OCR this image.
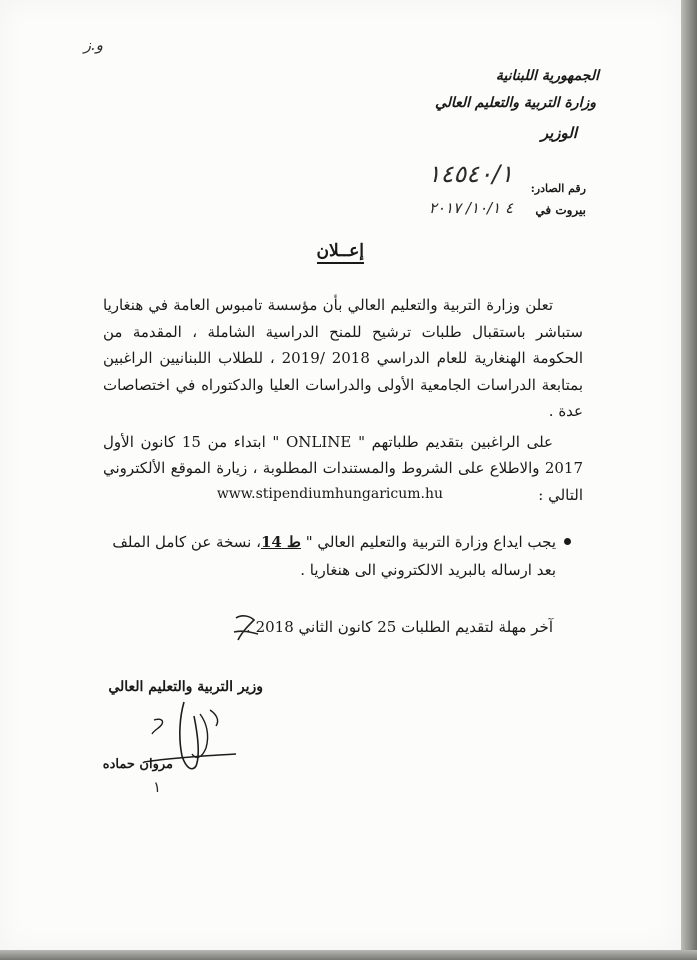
و.ز
الجمهورية اللبنانية
وزارة التربية والتعليم العالي
الوزير
رقم الصادر:
١٤٥٤٠/١
بيروت في
٤ ١٠/١/ ٢٠١٧
إعــلان

تعلن وزارة التربية والتعليم العالي بأن مؤسسة تامبوس العامة في هنغاريا ستباشر باستقبال طلبات ترشيح للمنح الدراسية الشاملة ، المقدمة من الحكومة الهنغارية للعام الدراسي 2018 /2019 ، للطلاب اللبنانيين الراغبين بمتابعة الدراسات الجامعية الأولى والدراسات العليا والدكتوراه في اختصاصات عدة .

على الراغبين بتقديم طلباتهم " ONLINE " ابتداء من 15 كانون الأول 2017 والاطلاع على الشروط والمستندات المطلوبة ، زيارة الموقع الألكتروني التالي :

www.stipendiumhungaricum.hu

يجب ايداع وزارة التربية والتعليم العالي " ط 14، نسخة عن كامل الملف بعد ارساله بالبريد الالكتروني الى هنغاريا .

آخر مهلة لتقديم الطلبات 25 كانون الثاني 2018 .
وزير التربية والتعليم العالي
مروان حماده
١
